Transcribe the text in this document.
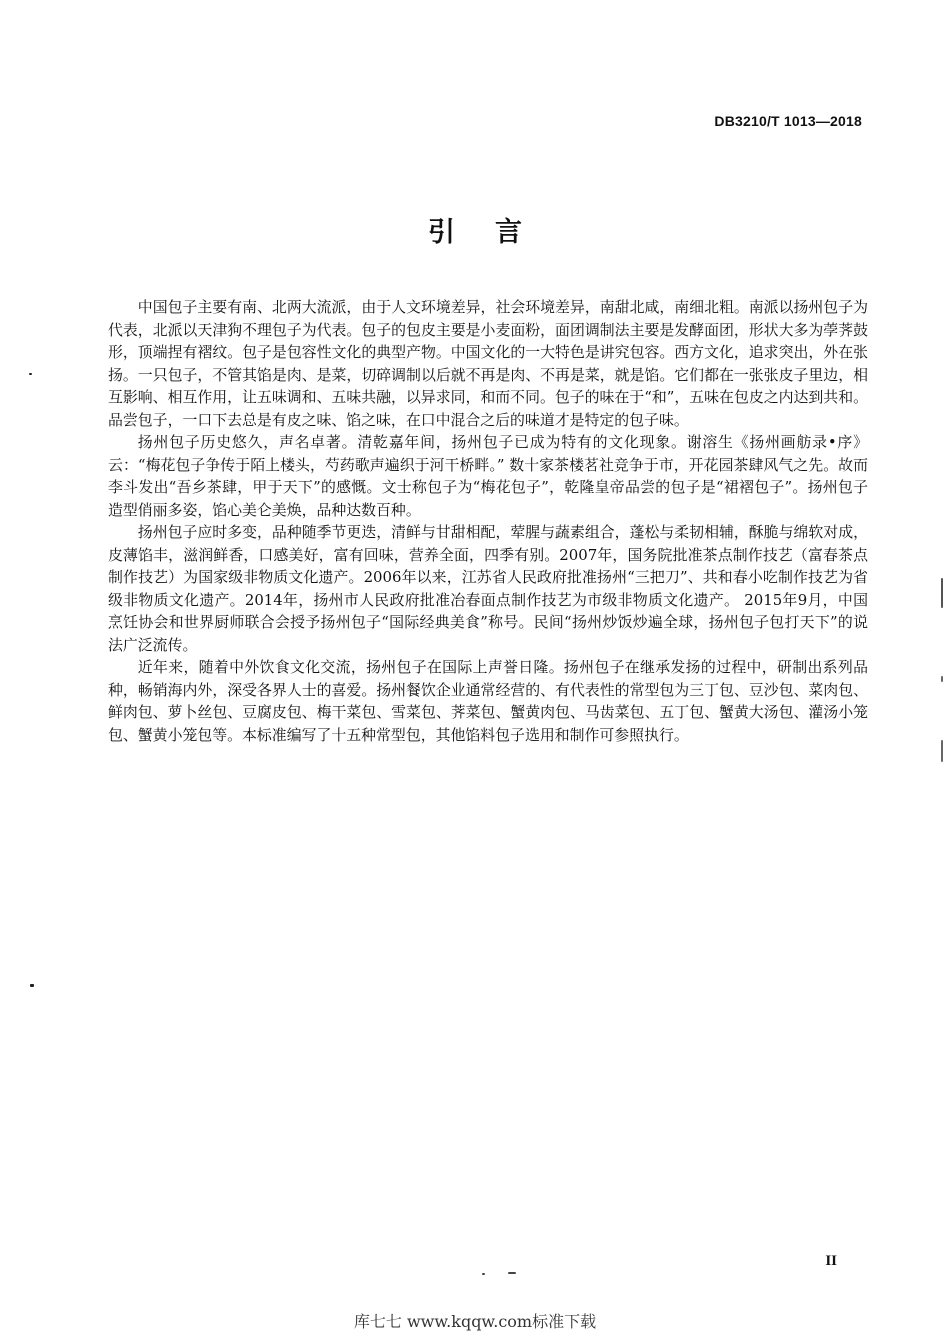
DB3210/T 1013—2018
引言

中国包子主要有南、北两大流派，由于人文环境差异，社会环境差异，南甜北咸，南细北粗。南派以扬州包子为代表，北派以天津狗不理包子为代表。包子的包皮主要是小麦面粉，面团调制法主要是发酵面团，形状大多为荸荠鼓形，顶端捏有褶纹。包子是包容性文化的典型产物。中国文化的一大特色是讲究包容。西方文化，追求突出，外在张扬。一只包子，不管其馅是肉、是菜，切碎调制以后就不再是肉、不再是菜，就是馅。它们都在一张张皮子里边，相互影响、相互作用，让五味调和、五味共融，以异求同，和而不同。包子的味在于“和”，五味在包皮之内达到共和。品尝包子，一口下去总是有皮之味、馅之味，在口中混合之后的味道才是特定的包子味。

扬州包子历史悠久，声名卓著。清乾嘉年间，扬州包子已成为特有的文化现象。谢溶生《扬州画舫录•序》云：“梅花包子争传于陌上楼头，芍药歌声遍织于河干桥畔。” 数十家茶楼茗社竞争于市，开花园茶肆风气之先。故而李斗发出“吾乡茶肆，甲于天下”的感慨。文士称包子为“梅花包子”，乾隆皇帝品尝的包子是“裙褶包子”。扬州包子造型俏丽多姿，馅心美仑美焕，品种达数百种。

扬州包子应时多变，品种随季节更迭，清鲜与甘甜相配，荤腥与蔬素组合，蓬松与柔韧相辅，酥脆与绵软对成，皮薄馅丰，滋润鲜香，口感美好，富有回味，营养全面，四季有别。2007年，国务院批准茶点制作技艺（富春茶点制作技艺）为国家级非物质文化遗产。2006年以来，江苏省人民政府批准扬州“三把刀”、共和春小吃制作技艺为省级非物质文化遗产。2014年，扬州市人民政府批准冶春面点制作技艺为市级非物质文化遗产。 2015年9月，中国烹饪协会和世界厨师联合会授予扬州包子“国际经典美食”称号。民间“扬州炒饭炒遍全球，扬州包子包打天下”的说法广泛流传。

近年来，随着中外饮食文化交流，扬州包子在国际上声誉日隆。扬州包子在继承发扬的过程中，研制出系列品种，畅销海内外，深受各界人士的喜爱。扬州餐饮企业通常经营的、有代表性的常型包为三丁包、豆沙包、菜肉包、鲜肉包、萝卜丝包、豆腐皮包、梅干菜包、雪菜包、荠菜包、蟹黄肉包、马齿菜包、五丁包、蟹黄大汤包、灌汤小笼包、蟹黄小笼包等。本标准编写了十五种常型包，其他馅料包子选用和制作可参照执行。

II
库七七 www.kqqw.com标准下载
